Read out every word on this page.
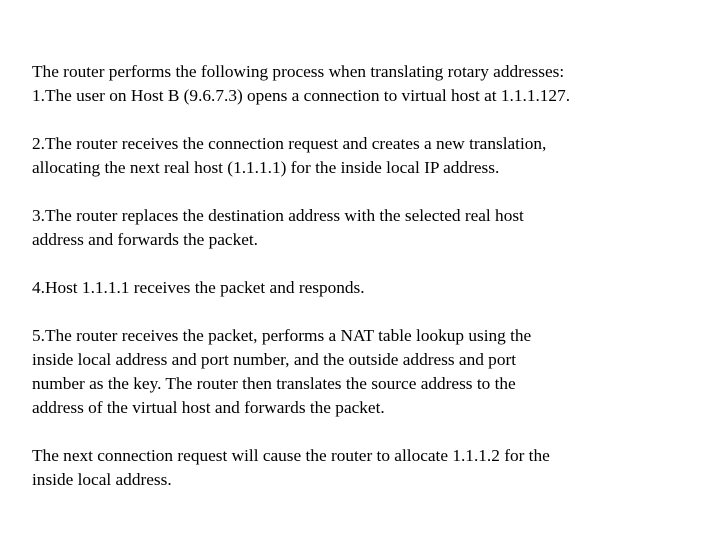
The router performs the following process when translating rotary addresses:
1.The user on Host B (9.6.7.3) opens a connection to virtual host at 1.1.1.127.

2.The router receives the connection request and creates a new translation,
allocating the next real host (1.1.1.1) for the inside local IP address.

3.The router replaces the destination address with the selected real host
address and forwards the packet.

4.Host 1.1.1.1 receives the packet and responds.

5.The router receives the packet, performs a NAT table lookup using the
inside local address and port number, and the outside address and port
number as the key. The router then translates the source address to the
address of the virtual host and forwards the packet.

The next connection request will cause the router to allocate 1.1.1.2 for the
inside local address.
